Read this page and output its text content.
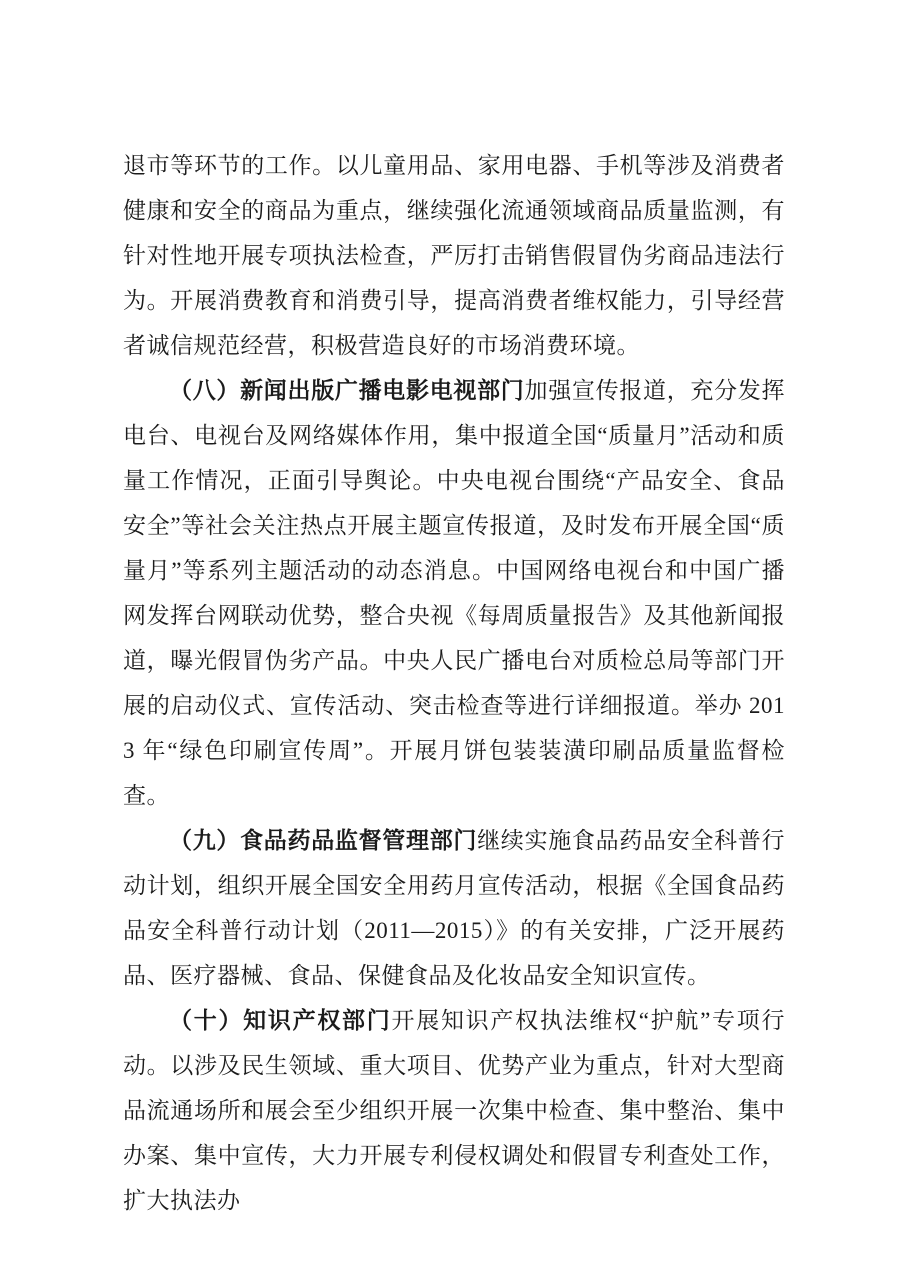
退市等环节的工作。以儿童用品、家用电器、手机等涉及消费者健康和安全的商品为重点，继续强化流通领域商品质量监测，有针对性地开展专项执法检查，严厉打击销售假冒伪劣商品违法行为。开展消费教育和消费引导，提高消费者维权能力，引导经营者诚信规范经营，积极营造良好的市场消费环境。

（八）新闻出版广播电影电视部门加强宣传报道，充分发挥电台、电视台及网络媒体作用，集中报道全国“质量月”活动和质量工作情况，正面引导舆论。中央电视台围绕“产品安全、食品安全”等社会关注热点开展主题宣传报道，及时发布开展全国“质量月”等系列主题活动的动态消息。中国网络电视台和中国广播网发挥台网联动优势，整合央视《每周质量报告》及其他新闻报道，曝光假冒伪劣产品。中央人民广播电台对质检总局等部门开展的启动仪式、宣传活动、突击检查等进行详细报道。举办 2013 年“绿色印刷宣传周”。开展月饼包装装潢印刷品质量监督检查。

（九）食品药品监督管理部门继续实施食品药品安全科普行动计划，组织开展全国安全用药月宣传活动，根据《全国食品药品安全科普行动计划（2011—2015）》的有关安排，广泛开展药品、医疗器械、食品、保健食品及化妆品安全知识宣传。

（十）知识产权部门开展知识产权执法维权“护航”专项行动。以涉及民生领域、重大项目、优势产业为重点，针对大型商品流通场所和展会至少组织开展一次集中检查、集中整治、集中办案、集中宣传，大力开展专利侵权调处和假冒专利查处工作，扩大执法办
